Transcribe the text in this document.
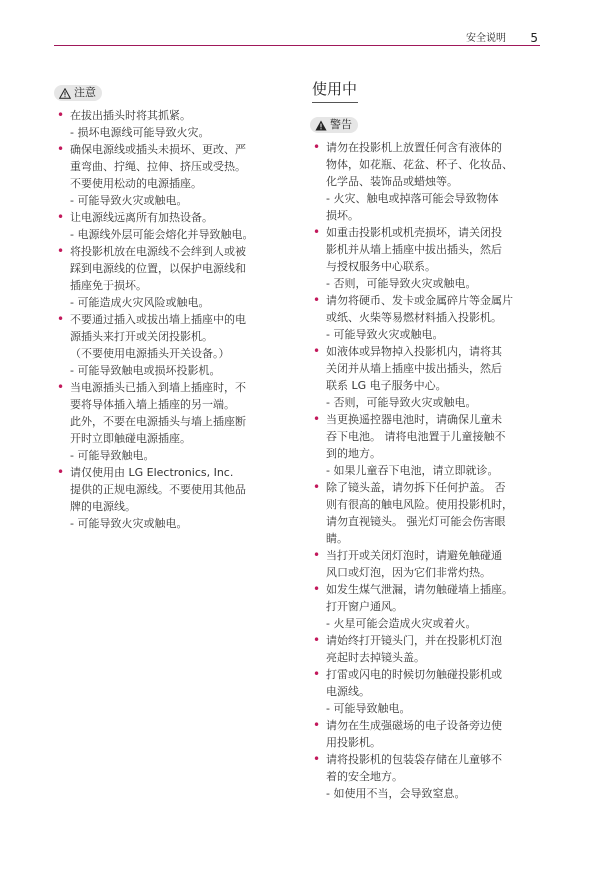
安全说明 5
注意
• 在拔出插头时将其抓紧。
- 损坏电源线可能导致火灾。
• 确保电源线或插头未损坏、更改、严
重弯曲、拧绳、拉伸、挤压或受热。
不要使用松动的电源插座。
- 可能导致火灾或触电。
• 让电源线远离所有加热设备。
- 电源线外层可能会熔化并导致触电。
• 将投影机放在电源线不会绊到人或被
踩到电源线的位置，以保护电源线和
插座免于损坏。
- 可能造成火灾风险或触电。
• 不要通过插入或拔出墙上插座中的电
源插头来打开或关闭投影机。
（不要使用电源插头开关设备。）
- 可能导致触电或损坏投影机。
• 当电源插头已插入到墙上插座时，不
要将导体插入墙上插座的另一端。
此外，不要在电源插头与墙上插座断
开时立即触碰电源插座。
- 可能导致触电。
• 请仅使用由 LG Electronics, Inc.
提供的正规电源线。不要使用其他品
牌的电源线。
- 可能导致火灾或触电。
使用中
警告
• 请勿在投影机上放置任何含有液体的
物体，如花瓶、花盆、杯子、化妆品、
化学品、装饰品或蜡烛等。
- 火灾、触电或掉落可能会导致物体
损坏。
• 如重击投影机或机壳损坏，请关闭投
影机并从墙上插座中拔出插头，然后
与授权服务中心联系。
- 否则，可能导致火灾或触电。
• 请勿将硬币、发卡或金属碎片等金属片
或纸、火柴等易燃材料插入投影机。
- 可能导致火灾或触电。
• 如液体或异物掉入投影机内，请将其
关闭并从墙上插座中拔出插头，然后
联系 LG 电子服务中心。
- 否则，可能导致火灾或触电。
• 当更换遥控器电池时，请确保儿童未
吞下电池。 请将电池置于儿童接触不
到的地方。
- 如果儿童吞下电池，请立即就诊。
• 除了镜头盖，请勿拆下任何护盖。 否
则有很高的触电风险。使用投影机时，
请勿直视镜头。 强光灯可能会伤害眼
睛。
• 当打开或关闭灯泡时，请避免触碰通
风口或灯泡，因为它们非常灼热。
• 如发生煤气泄漏，请勿触碰墙上插座。
打开窗户通风。
- 火星可能会造成火灾或着火。
• 请始终打开镜头门，并在投影机灯泡
亮起时去掉镜头盖。
• 打雷或闪电的时候切勿触碰投影机或
电源线。
- 可能导致触电。
• 请勿在生成强磁场的电子设备旁边使
用投影机。
• 请将投影机的包装袋存储在儿童够不
着的安全地方。
- 如使用不当，会导致窒息。
